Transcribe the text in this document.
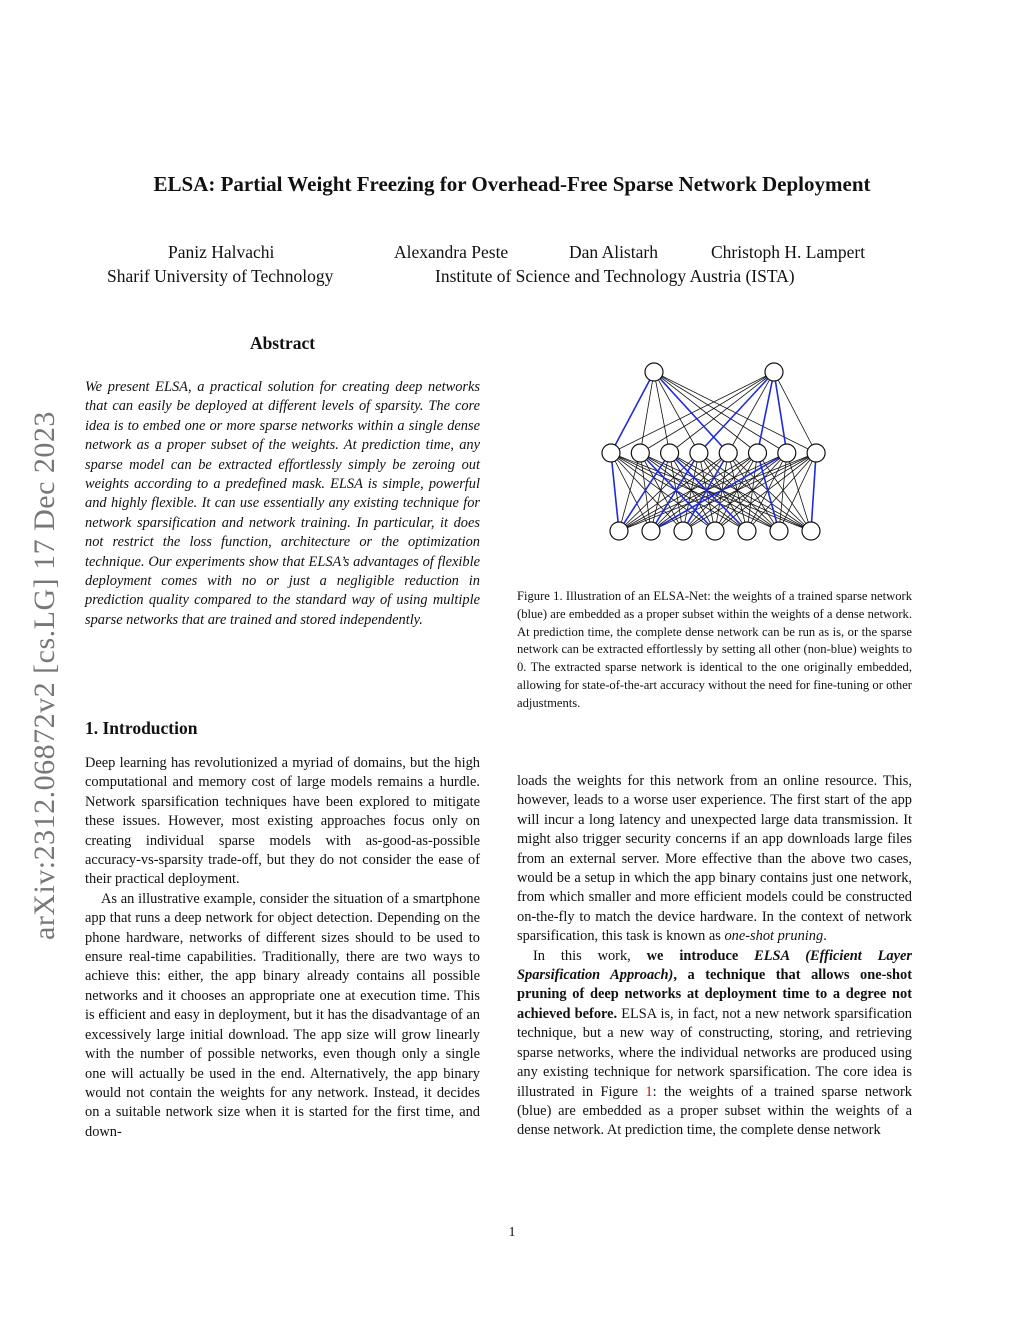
arXiv:2312.06872v2 [cs.LG] 17 Dec 2023
ELSA: Partial Weight Freezing for Overhead-Free Sparse Network Deployment
Paniz Halvachi	Alexandra Peste	Dan Alistarh	Christoph H. Lampert
Sharif University of Technology	Institute of Science and Technology Austria (ISTA)
Abstract

We present ELSA, a practical solution for creating deep networks that can easily be deployed at different levels of sparsity. The core idea is to embed one or more sparse networks within a single dense network as a proper subset of the weights. At prediction time, any sparse model can be extracted effortlessly simply be zeroing out weights according to a predefined mask. ELSA is simple, powerful and highly flexible. It can use essentially any existing technique for network sparsification and network training. In particular, it does not restrict the loss function, architecture or the optimization technique. Our experiments show that ELSA’s advantages of flexible deployment comes with no or just a negligible reduction in prediction quality compared to the standard way of using multiple sparse networks that are trained and stored independently.

1. Introduction

Deep learning has revolutionized a myriad of domains, but the high computational and memory cost of large models remains a hurdle. Network sparsification techniques have been explored to mitigate these issues. However, most existing approaches focus only on creating individual sparse models with as-good-as-possible accuracy-vs-sparsity trade-off, but they do not consider the ease of their practical deployment.

As an illustrative example, consider the situation of a smartphone app that runs a deep network for object detection. Depending on the phone hardware, networks of different sizes should to be used to ensure real-time capabilities. Traditionally, there are two ways to achieve this: either, the app binary already contains all possible networks and it chooses an appropriate one at execution time. This is efficient and easy in deployment, but it has the disadvantage of an excessively large initial download. The app size will grow linearly with the number of possible networks, even though only a single one will actually be used in the end. Alternatively, the app binary would not contain the weights for any network. Instead, it decides on a suitable network size when it is started for the first time, and down-

Figure 1. Illustration of an ELSA-Net: the weights of a trained sparse network (blue) are embedded as a proper subset within the weights of a dense network. At prediction time, the complete dense network can be run as is, or the sparse network can be extracted effortlessly by setting all other (non-blue) weights to 0. The extracted sparse network is identical to the one originally embedded, allowing for state-of-the-art accuracy without the need for fine-tuning or other adjustments.

loads the weights for this network from an online resource. This, however, leads to a worse user experience. The first start of the app will incur a long latency and unexpected large data transmission. It might also trigger security concerns if an app downloads large files from an external server. More effective than the above two cases, would be a setup in which the app binary contains just one network, from which smaller and more efficient models could be constructed on-the-fly to match the device hardware. In the context of network sparsification, this task is known as one-shot pruning.

In this work, we introduce ELSA (Efficient Layer Sparsification Approach), a technique that allows one-shot pruning of deep networks at deployment time to a degree not achieved before. ELSA is, in fact, not a new network sparsification technique, but a new way of constructing, storing, and retrieving sparse networks, where the individual networks are produced using any existing technique for network sparsification. The core idea is illustrated in Figure 1: the weights of a trained sparse network (blue) are embedded as a proper subset within the weights of a dense network. At prediction time, the complete dense network

1
